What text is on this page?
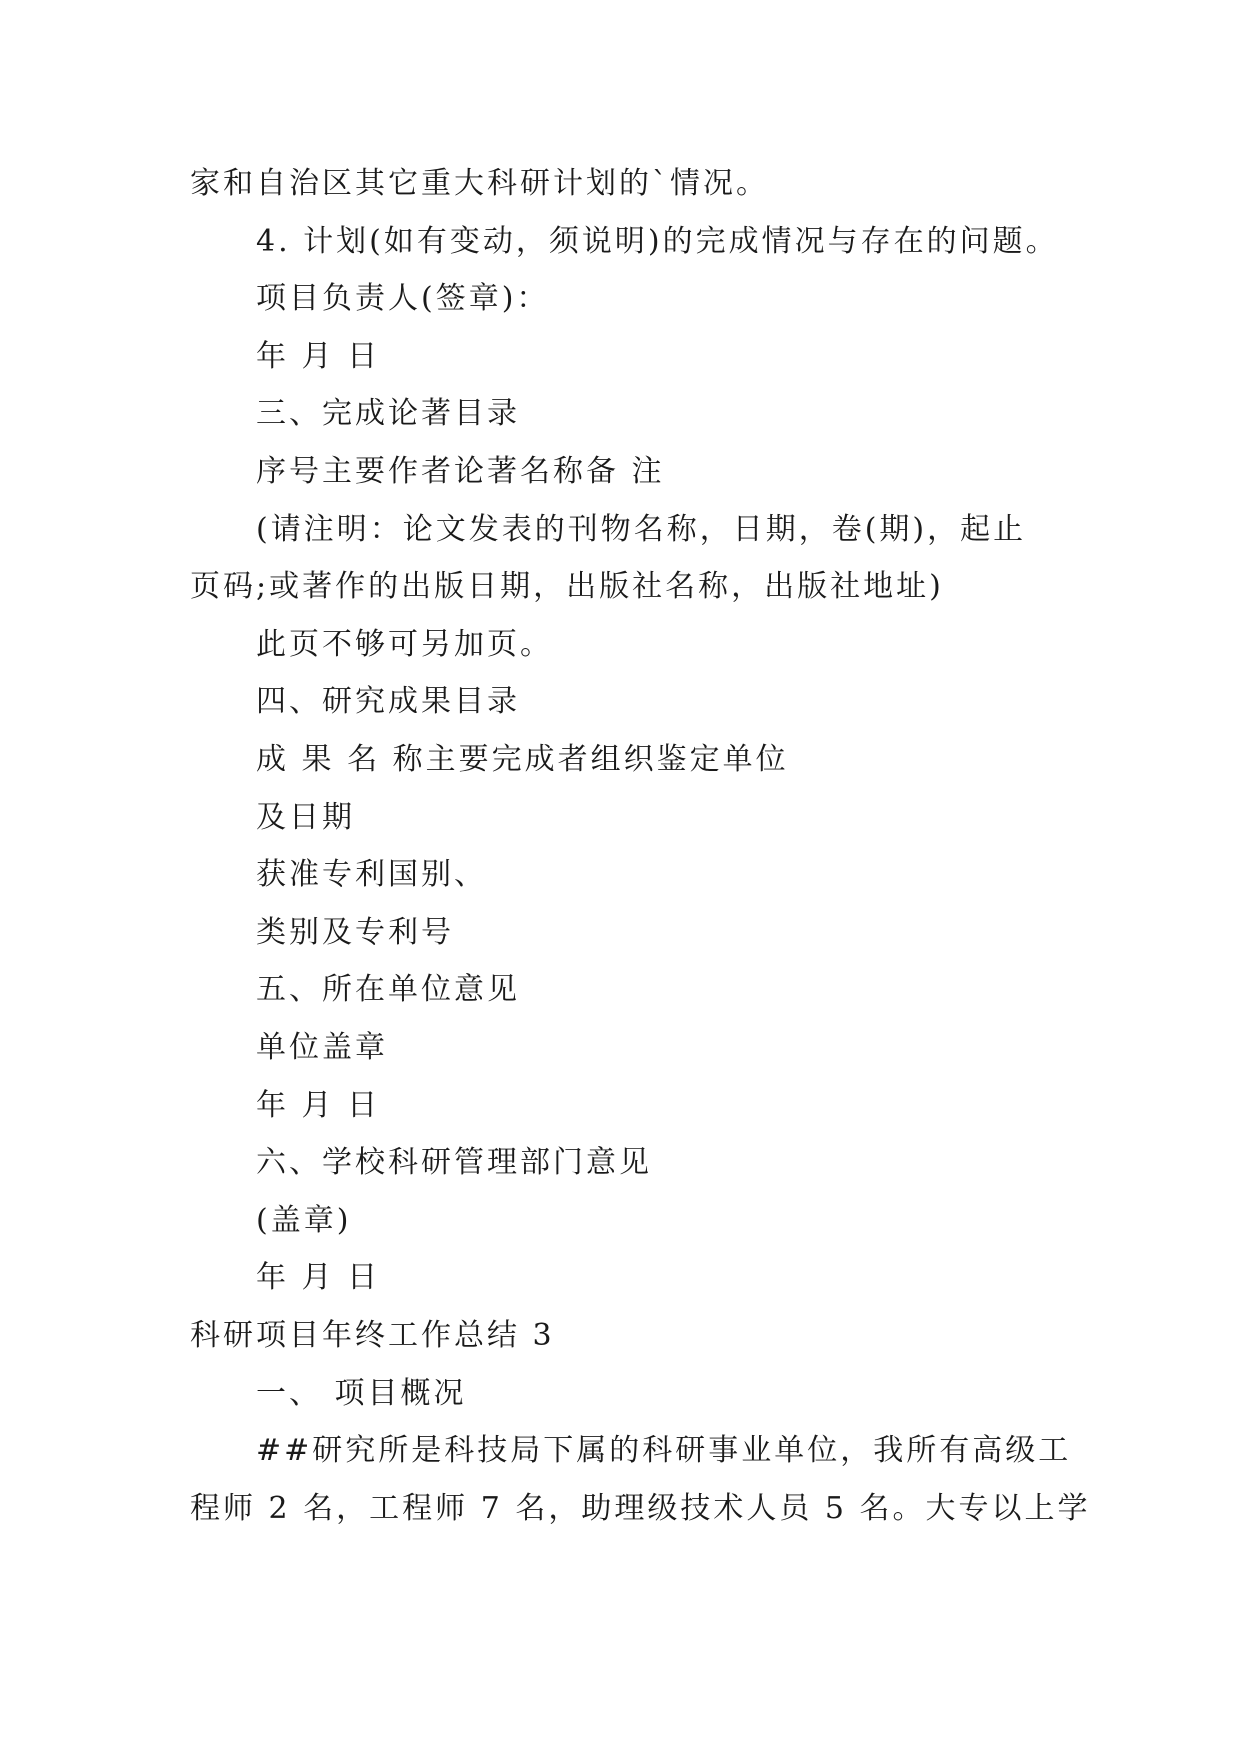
家和自治区其它重大科研计划的`情况。
4. 计划(如有变动，须说明)的完成情况与存在的问题。
项目负责人(签章)：
年 月 日
三、完成论著目录
序号主要作者论著名称备 注
(请注明：论文发表的刊物名称，日期，卷(期)，起止
页码;或著作的出版日期，出版社名称，出版社地址)
此页不够可另加页。
四、研究成果目录
成 果 名 称主要完成者组织鉴定单位
及日期
获准专利国别、
类别及专利号
五、所在单位意见
单位盖章
年 月 日
六、学校科研管理部门意见
(盖章)
年 月 日
科研项目年终工作总结 3
一、 项目概况
##研究所是科技局下属的科研事业单位，我所有高级工
程师 2 名，工程师 7 名，助理级技术人员 5 名。大专以上学
